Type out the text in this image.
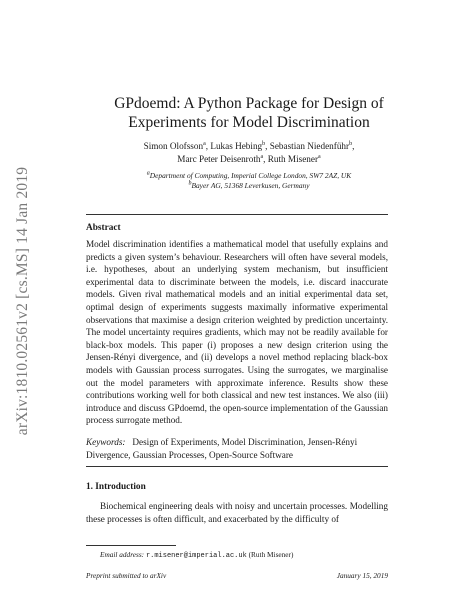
arXiv:1810.02561v2 [cs.MS] 14 Jan 2019
GPdoemd: A Python Package for Design of
Experiments for Model Discrimination
Simon Olofsson$^a$, Lukas Hebing$^b$, Sebastian Niedenführ$^b$,
Marc Peter Deisenroth$^a$, Ruth Misener$^a$
$^a$Department of Computing, Imperial College London, SW7 2AZ, UK
$^b$Bayer AG, 51368 Leverkusen, Germany
Abstract
Model discrimination identifies a mathematical model that usefully explains and predicts a given system’s behaviour. Researchers will often have several models, i.e. hypotheses, about an underlying system mechanism, but insufficient experimental data to discriminate between the models, i.e. discard inaccurate models. Given rival mathematical models and an initial experimental data set, optimal design of experiments suggests maximally informative experimental observations that maximise a design criterion weighted by prediction uncertainty. The model uncertainty requires gradients, which may not be readily available for black-box models. This paper (i) proposes a new design criterion using the Jensen-Rényi divergence, and (ii) develops a novel method replacing black-box models with Gaussian process surrogates. Using the surrogates, we marginalise out the model parameters with approximate inference. Results show these contributions working well for both classical and new test instances. We also (iii) introduce and discuss GPdoemd, the open-source implementation of the Gaussian process surrogate method.
Keywords: Design of Experiments, Model Discrimination, Jensen-Rényi Divergence, Gaussian Processes, Open-Source Software
1. Introduction
Biochemical engineering deals with noisy and uncertain processes. Modelling these processes is often difficult, and exacerbated by the difficulty of
Email address: r.misener@imperial.ac.uk (Ruth Misener)
Preprint submitted to arXiv	January 15, 2019
